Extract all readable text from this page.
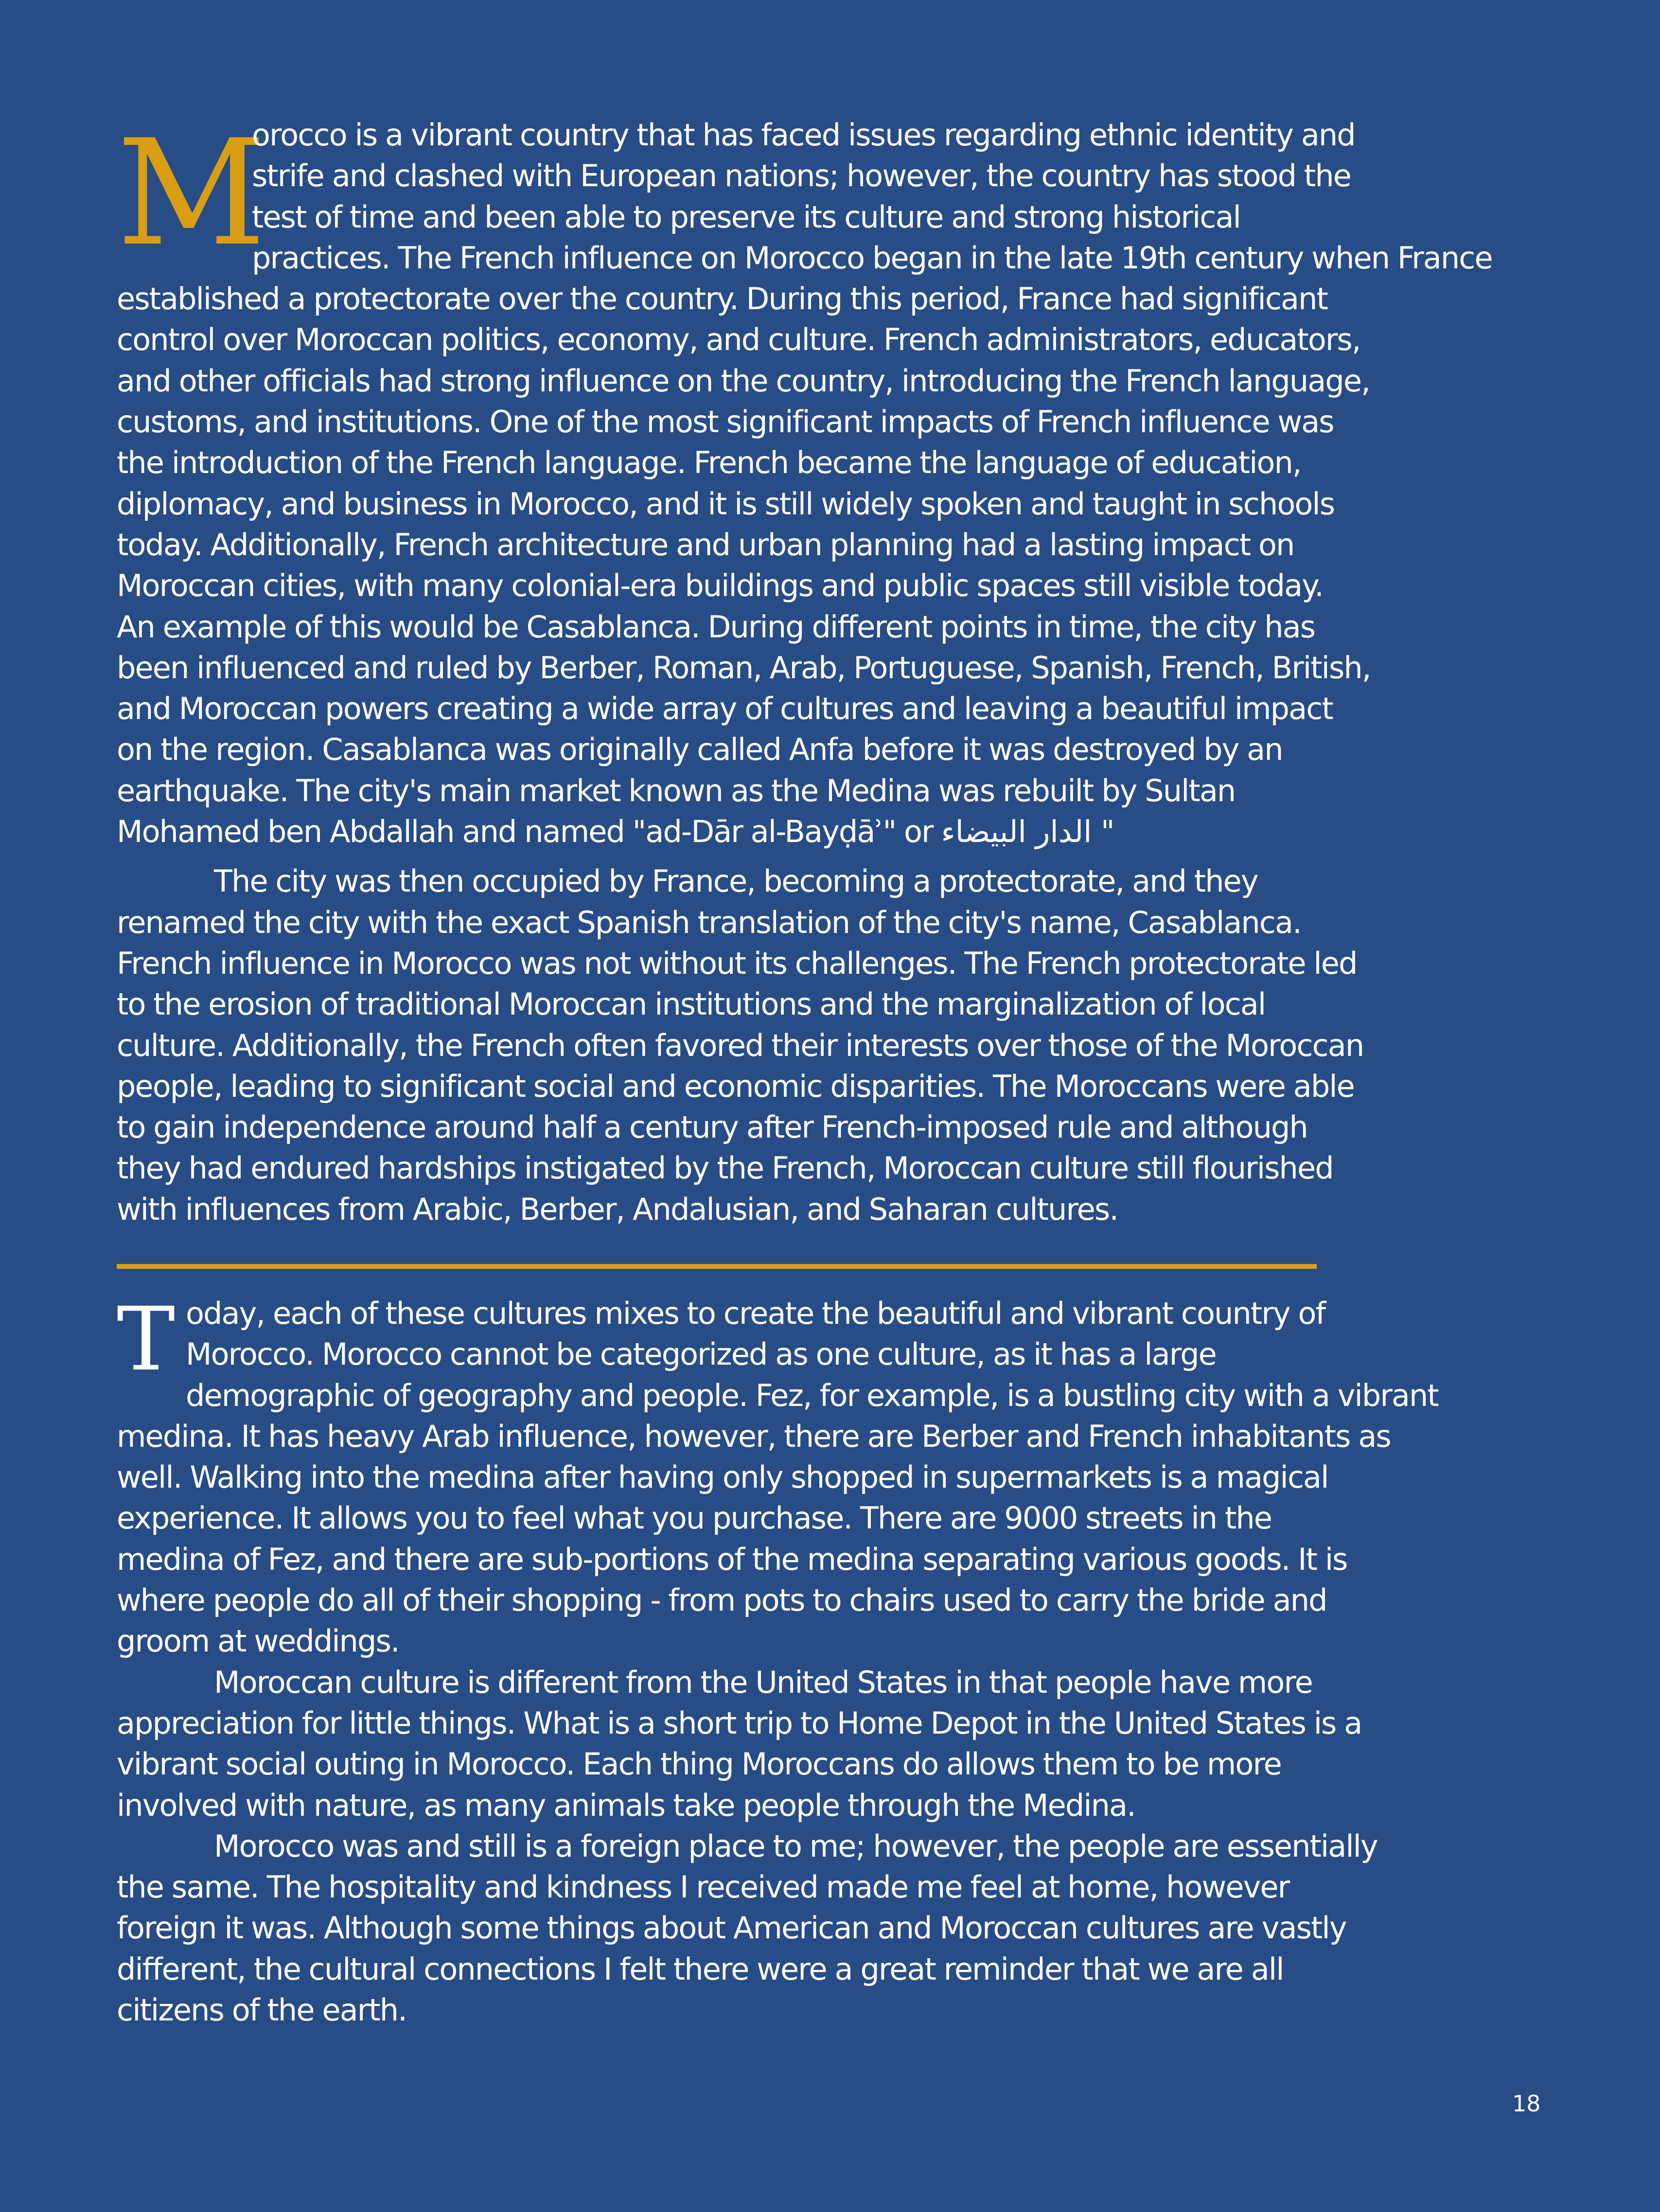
M
orocco is a vibrant country that has faced issues regarding ethnic identity and
strife and clashed with European nations; however, the country has stood the
test of time and been able to preserve its culture and strong historical
practices. The French influence on Morocco began in the late 19th century when France
established a protectorate over the country. During this period, France had significant
control over Moroccan politics, economy, and culture. French administrators, educators,
and other officials had strong influence on the country, introducing the French language,
customs, and institutions. One of the most significant impacts of French influence was
the introduction of the French language. French became the language of education,
diplomacy, and business in Morocco, and it is still widely spoken and taught in schools
today. Additionally, French architecture and urban planning had a lasting impact on
Moroccan cities, with many colonial-era buildings and public spaces still visible today.
An example of this would be Casablanca. During different points in time, the city has
been influenced and ruled by Berber, Roman, Arab, Portuguese, Spanish, French, British,
and Moroccan powers creating a wide array of cultures and leaving a beautiful impact
on the region. Casablanca was originally called Anfa before it was destroyed by an
earthquake. The city's main market known as the Medina was rebuilt by Sultan
Mohamed ben Abdallah and named "ad-Dār al-Bayḍāʾ" or الدار البيضاء "
The city was then occupied by France, becoming a protectorate, and they
renamed the city with the exact Spanish translation of the city's name, Casablanca.
French influence in Morocco was not without its challenges. The French protectorate led
to the erosion of traditional Moroccan institutions and the marginalization of local
culture. Additionally, the French often favored their interests over those of the Moroccan
people, leading to significant social and economic disparities. The Moroccans were able
to gain independence around half a century after French-imposed rule and although
they had endured hardships instigated by the French, Moroccan culture still flourished
with influences from Arabic, Berber, Andalusian, and Saharan cultures.
T oday, each of these cultures mixes to create the beautiful and vibrant country of
Morocco. Morocco cannot be categorized as one culture, as it has a large
demographic of geography and people. Fez, for example, is a bustling city with a vibrant
medina. It has heavy Arab influence, however, there are Berber and French inhabitants as
well. Walking into the medina after having only shopped in supermarkets is a magical
experience. It allows you to feel what you purchase. There are 9000 streets in the
medina of Fez, and there are sub-portions of the medina separating various goods. It is
where people do all of their shopping - from pots to chairs used to carry the bride and
groom at weddings.
Moroccan culture is different from the United States in that people have more
appreciation for little things. What is a short trip to Home Depot in the United States is a
vibrant social outing in Morocco. Each thing Moroccans do allows them to be more
involved with nature, as many animals take people through the Medina.
Morocco was and still is a foreign place to me; however, the people are essentially
the same. The hospitality and kindness I received made me feel at home, however
foreign it was. Although some things about American and Moroccan cultures are vastly
different, the cultural connections I felt there were a great reminder that we are all
citizens of the earth.
18
